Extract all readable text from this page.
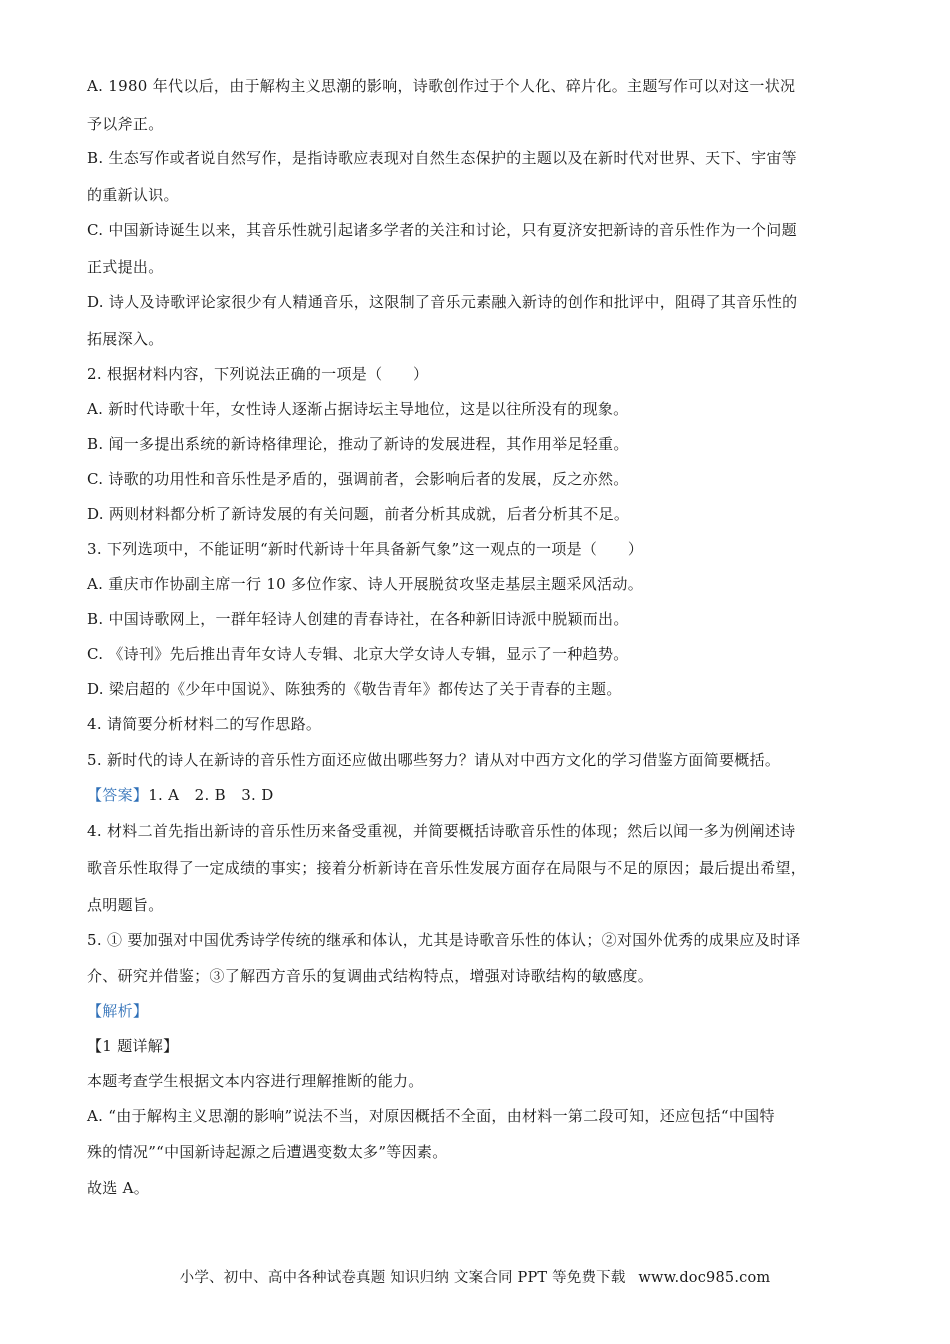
A. 1980 年代以后，由于解构主义思潮的影响，诗歌创作过于个人化、碎片化。主题写作可以对这一状况
予以斧正。
B. 生态写作或者说自然写作，是指诗歌应表现对自然生态保护的主题以及在新时代对世界、天下、宇宙等
的重新认识。
C. 中国新诗诞生以来，其音乐性就引起诸多学者的关注和讨论，只有夏济安把新诗的音乐性作为一个问题
正式提出。
D. 诗人及诗歌评论家很少有人精通音乐，这限制了音乐元素融入新诗的创作和批评中，阻碍了其音乐性的
拓展深入。
2. 根据材料内容，下列说法正确的一项是（　　）
A. 新时代诗歌十年，女性诗人逐渐占据诗坛主导地位，这是以往所没有的现象。
B. 闻一多提出系统的新诗格律理论，推动了新诗的发展进程，其作用举足轻重。
C. 诗歌的功用性和音乐性是矛盾的，强调前者，会影响后者的发展，反之亦然。
D. 两则材料都分析了新诗发展的有关问题，前者分析其成就，后者分析其不足。
3. 下列选项中，不能证明“新时代新诗十年具备新气象”这一观点的一项是（　　）
A. 重庆市作协副主席一行 10 多位作家、诗人开展脱贫攻坚走基层主题采风活动。
B. 中国诗歌网上，一群年轻诗人创建的青春诗社，在各种新旧诗派中脱颖而出。
C. 《诗刊》先后推出青年女诗人专辑、北京大学女诗人专辑，显示了一种趋势。
D. 梁启超的《少年中国说》、陈独秀的《敬告青年》都传达了关于青春的主题。
4. 请简要分析材料二的写作思路。
5. 新时代的诗人在新诗的音乐性方面还应做出哪些努力？请从对中西方文化的学习借鉴方面简要概括。
【答案】1. A　2. B　3. D
4. 材料二首先指出新诗的音乐性历来备受重视，并简要概括诗歌音乐性的体现；然后以闻一多为例阐述诗
歌音乐性取得了一定成绩的事实；接着分析新诗在音乐性发展方面存在局限与不足的原因；最后提出希望，
点明题旨。
5. ① 要加强对中国优秀诗学传统的继承和体认，尤其是诗歌音乐性的体认；②对国外优秀的成果应及时译
介、研究并借鉴；③了解西方音乐的复调曲式结构特点，增强对诗歌结构的敏感度。
【解析】
【1 题详解】
本题考查学生根据文本内容进行理解推断的能力。
A. “由于解构主义思潮的影响”说法不当，对原因概括不全面，由材料一第二段可知，还应包括“中国特
殊的情况”“中国新诗起源之后遭遇变数太多”等因素。
故选 A。
小学、初中、高中各种试卷真题 知识归纳 文案合同 PPT 等免费下载 www.doc985.com
